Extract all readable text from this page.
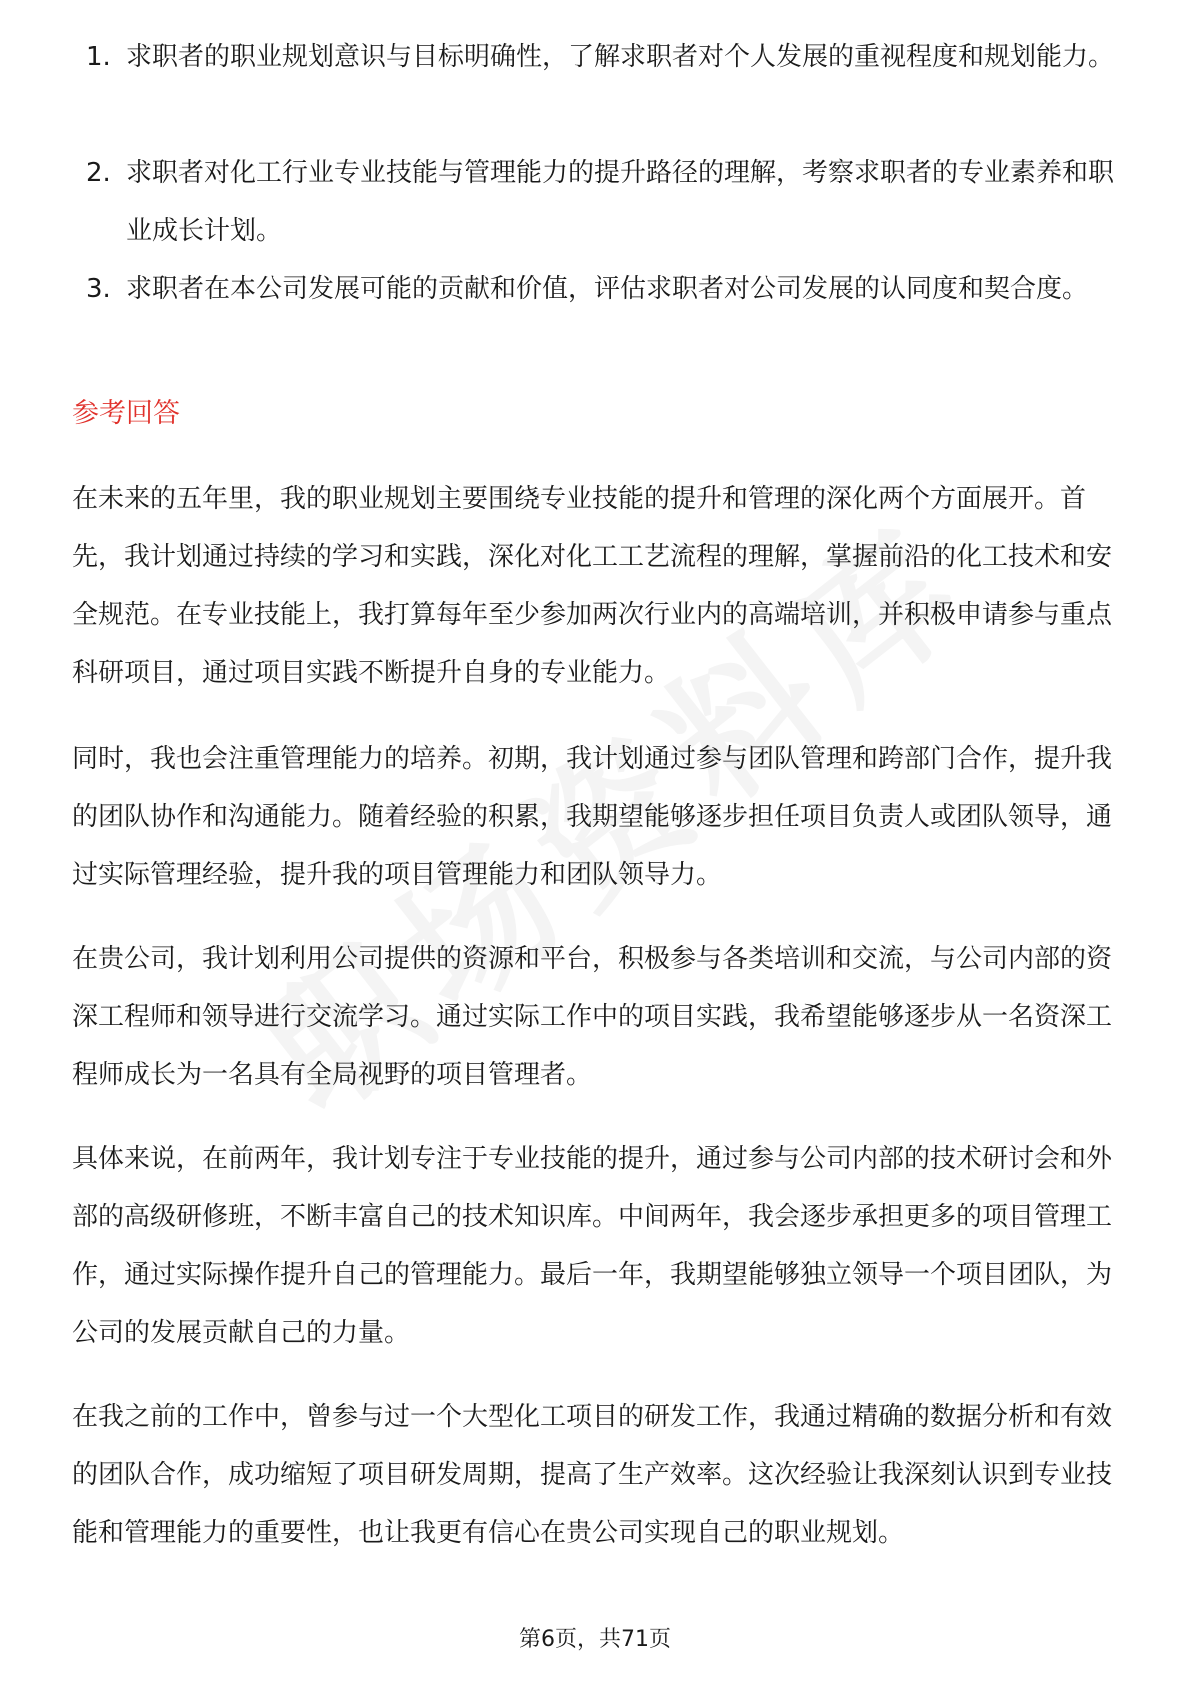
1. 求职者的职业规划意识与目标明确性，了解求职者对个人发展的重视程度和规划能力。
2. 求职者对化工行业专业技能与管理能力的提升路径的理解，考察求职者的专业素养和职业成长计划。
3. 求职者在本公司发展可能的贡献和价值，评估求职者对公司发展的认同度和契合度。
参考回答

在未来的五年里，我的职业规划主要围绕专业技能的提升和管理的深化两个方面展开。首先，我计划通过持续的学习和实践，深化对化工工艺流程的理解，掌握前沿的化工技术和安全规范。在专业技能上，我打算每年至少参加两次行业内的高端培训，并积极申请参与重点科研项目，通过项目实践不断提升自身的专业能力。

同时，我也会注重管理能力的培养。初期，我计划通过参与团队管理和跨部门合作，提升我的团队协作和沟通能力。随着经验的积累，我期望能够逐步担任项目负责人或团队领导，通过实际管理经验，提升我的项目管理能力和团队领导力。

在贵公司，我计划利用公司提供的资源和平台，积极参与各类培训和交流，与公司内部的资深工程师和领导进行交流学习。通过实际工作中的项目实践，我希望能够逐步从一名资深工程师成长为一名具有全局视野的项目管理者。

具体来说，在前两年，我计划专注于专业技能的提升，通过参与公司内部的技术研讨会和外部的高级研修班，不断丰富自己的技术知识库。中间两年，我会逐步承担更多的项目管理工作，通过实际操作提升自己的管理能力。最后一年，我期望能够独立领导一个项目团队，为公司的发展贡献自己的力量。

在我之前的工作中，曾参与过一个大型化工项目的研发工作，我通过精确的数据分析和有效的团队合作，成功缩短了项目研发周期，提高了生产效率。这次经验让我深刻认识到专业技能和管理能力的重要性，也让我更有信心在贵公司实现自己的职业规划。

第6页，共71页
